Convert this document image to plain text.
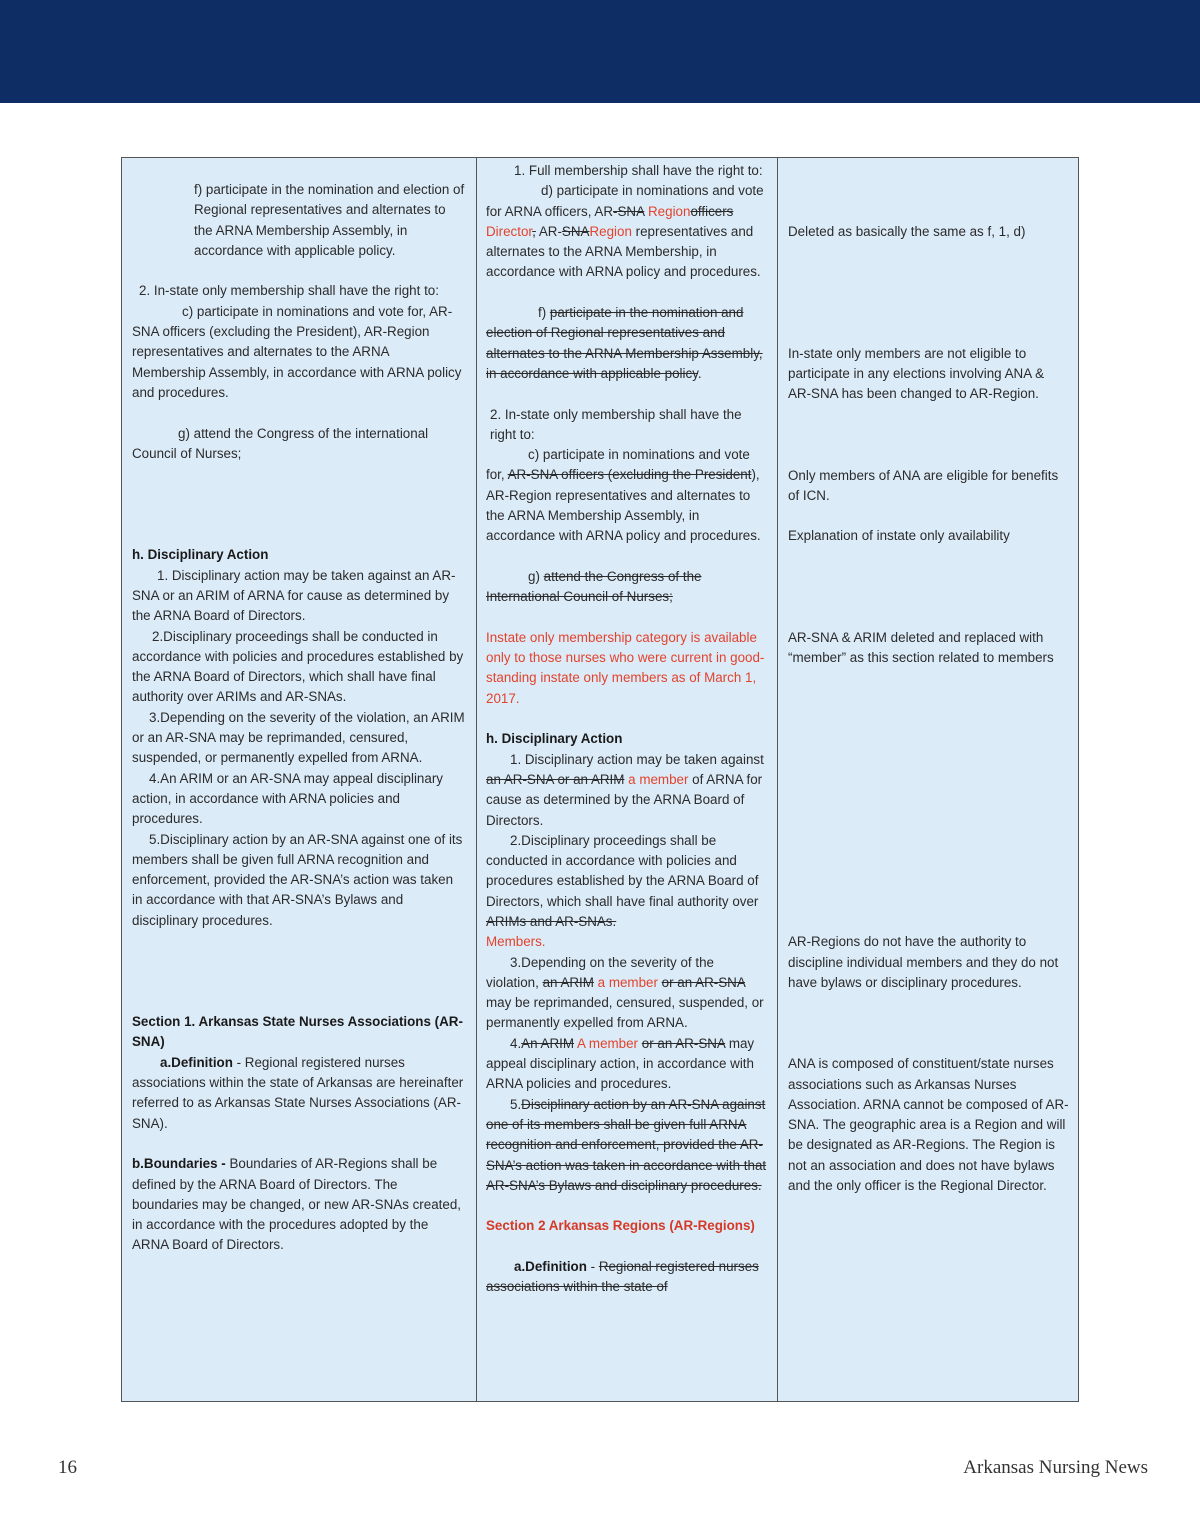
f) participate in the nomination and election of Regional representatives and alternates to the ARNA Membership Assembly, in accordance with applicable policy.

2. In-state only membership shall have the right to:

c) participate in nominations and vote for, AR-SNA officers (excluding the President), AR-Region representatives and alternates to the ARNA Membership Assembly, in accordance with ARNA policy and procedures.

g) attend the Congress of the international Council of Nurses;

h. Disciplinary Action

1. Disciplinary action may be taken against an AR-SNA or an ARIM of ARNA for cause as determined by the ARNA Board of Directors.

2.Disciplinary proceedings shall be conducted in accordance with policies and procedures established by the ARNA Board of Directors, which shall have final authority over ARIMs and AR-SNAs.

3.Depending on the severity of the violation, an ARIM or an AR-SNA may be reprimanded, censured, suspended, or permanently expelled from ARNA.

4.An ARIM or an AR-SNA may appeal disciplinary action, in accordance with ARNA policies and procedures.

5.Disciplinary action by an AR-SNA against one of its members shall be given full ARNA recognition and enforcement, provided the AR-SNA’s action was taken in accordance with that AR-SNA’s Bylaws and disciplinary procedures.

Section 1. Arkansas State Nurses Associations (AR-SNA)

a.Definition - Regional registered nurses associations within the state of Arkansas are hereinafter referred to as Arkansas State Nurses Associations (AR-SNA).

b.Boundaries - Boundaries of AR-Regions shall be defined by the ARNA Board of Directors. The boundaries may be changed, or new AR-SNAs created, in accordance with the procedures adopted by the ARNA Board of Directors.

1. Full membership shall have the right to:

d) participate in nominations and vote for ARNA officers, AR-SNA Regionofficers Director, AR-SNARegion representatives and alternates to the ARNA Membership, in accordance with ARNA policy and procedures.

f) participate in the nomination and election of Regional representatives and alternates to the ARNA Membership Assembly, in accordance with applicable policy.

2. In-state only membership shall have the right to:

c) participate in nominations and vote for, AR-SNA officers (excluding the President), AR-Region representatives and alternates to the ARNA Membership Assembly, in accordance with ARNA policy and procedures.

g) attend the Congress of the International Council of Nurses;

Instate only membership category is available only to those nurses who were current in good-standing instate only members as of March 1, 2017.

h. Disciplinary Action

1. Disciplinary action may be taken against an AR-SNA or an ARIM a member of ARNA for cause as determined by the ARNA Board of Directors.

2.Disciplinary proceedings shall be conducted in accordance with policies and procedures established by the ARNA Board of Directors, which shall have final authority over ARIMs and AR-SNAs.

Members.

3.Depending on the severity of the violation, an ARIM a member or an AR-SNA may be reprimanded, censured, suspended, or permanently expelled from ARNA.

4.An ARIM A member or an AR-SNA may appeal disciplinary action, in accordance with ARNA policies and procedures.

5.Disciplinary action by an AR-SNA against one of its members shall be given full ARNA recognition and enforcement, provided the AR-SNA’s action was taken in accordance with that AR-SNA’s Bylaws and disciplinary procedures.

Section 2 Arkansas Regions (AR-Regions)

a.Definition - Regional registered nurses associations within the state of

Deleted as basically the same as f, 1, d)

In-state only members are not eligible to participate in any elections involving ANA & AR-SNA has been changed to AR-Region.

Only members of ANA are eligible for benefits of ICN.

Explanation of instate only availability

AR-SNA & ARIM deleted and replaced with “member” as this section related to members

AR-Regions do not have the authority to discipline individual members and they do not have bylaws or disciplinary procedures.

ANA is composed of constituent/state nurses associations such as Arkansas Nurses Association. ARNA cannot be composed of AR-SNA. The geographic area is a Region and will be designated as AR-Regions. The Region is not an association and does not have bylaws and the only officer is the Regional Director.

16	Arkansas Nursing News
